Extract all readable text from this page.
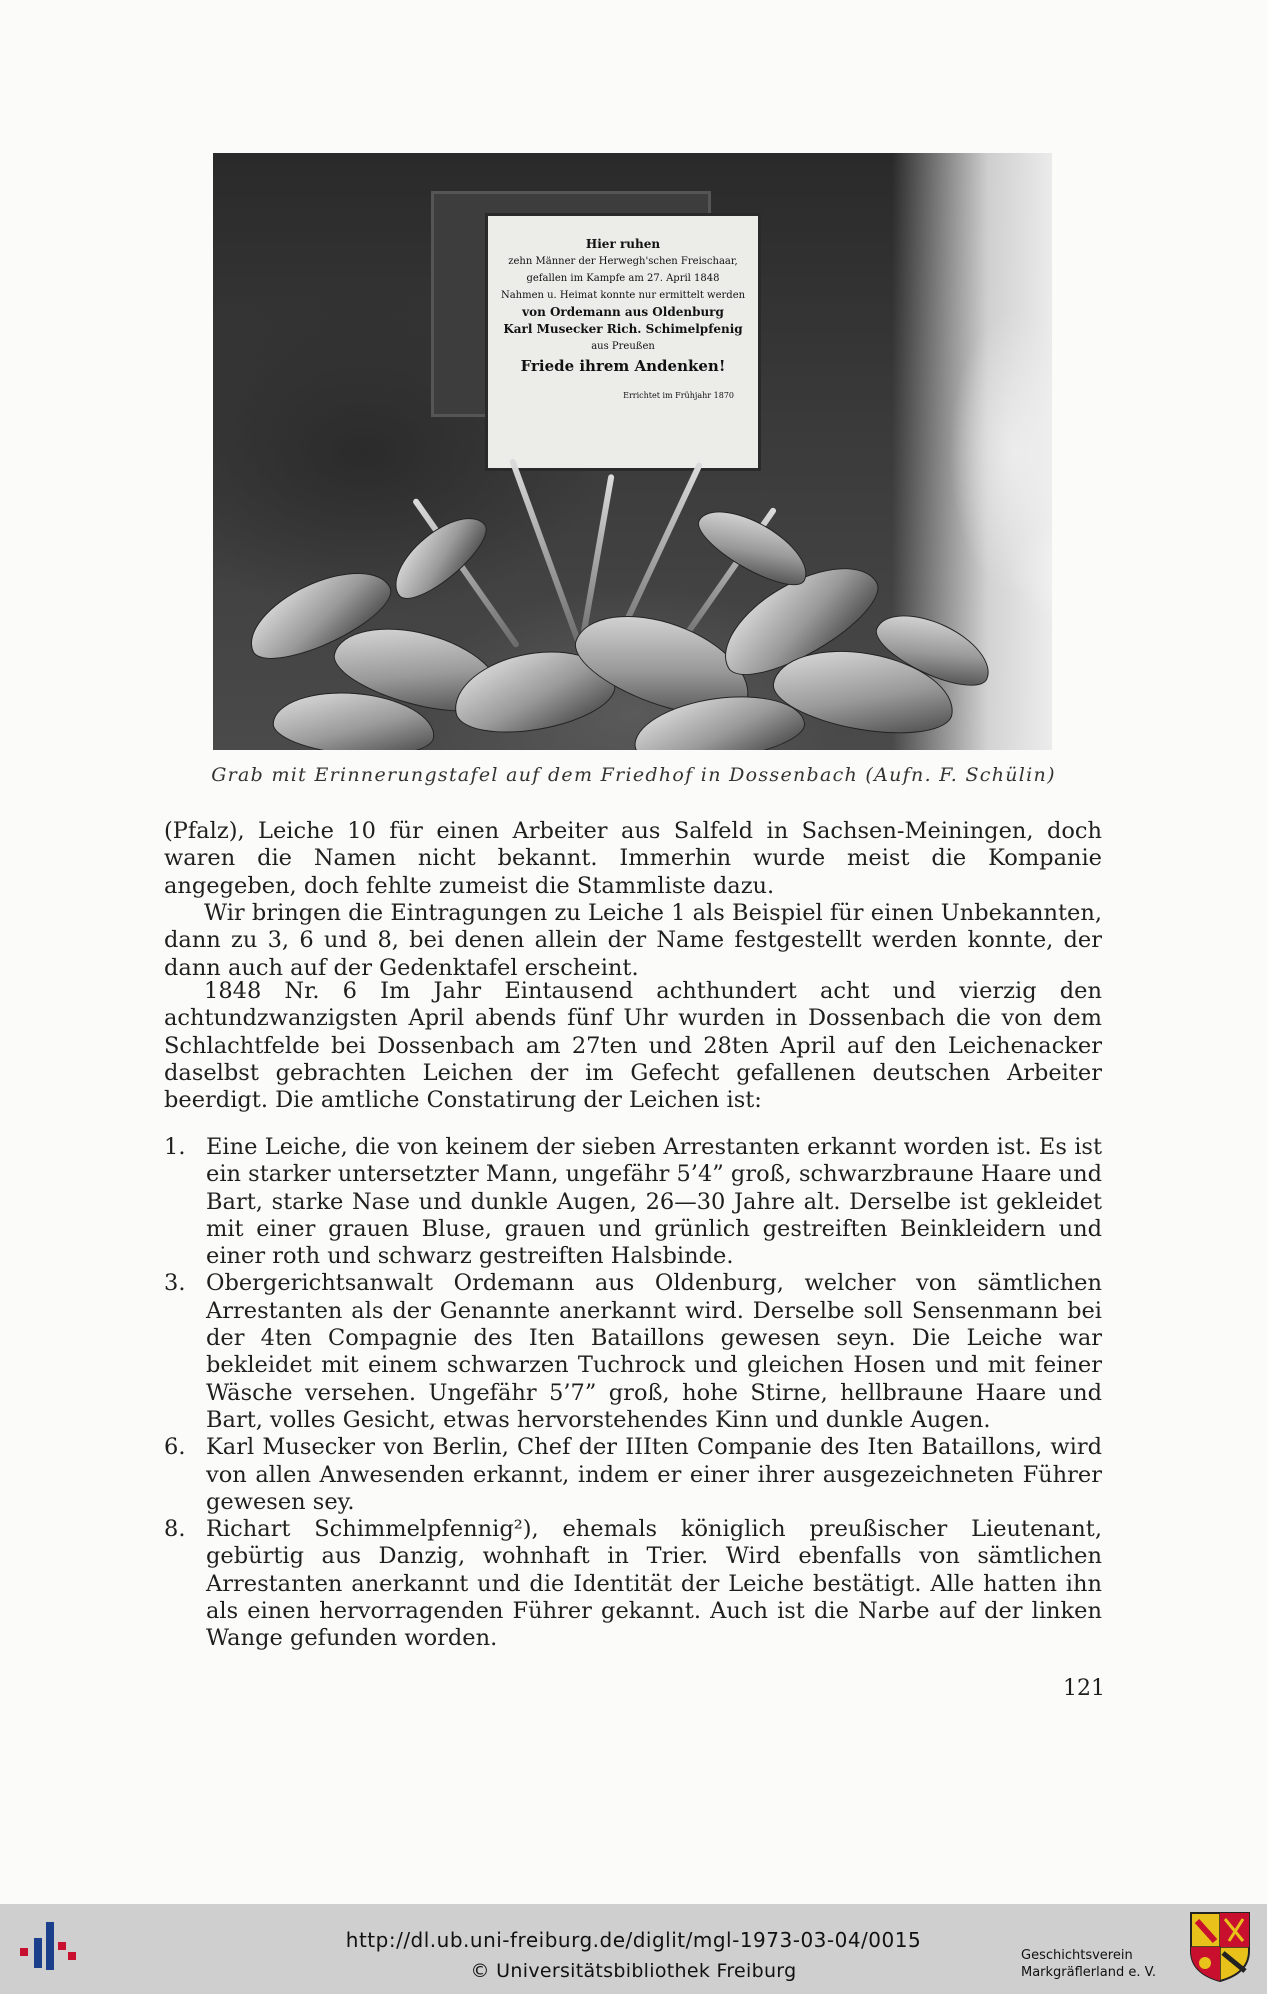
Hier ruhen
zehn Männer der Herwegh'schen Freischaar,
gefallen im Kampfe am 27. April 1848
Nahmen u. Heimat konnte nur ermittelt werden
von Ordemann aus Oldenburg
Karl Musecker Rich. Schimelpfenig
aus Preußen
Friede ihrem Andenken!
Errichtet im Frühjahr 1870
Grab mit Erinnerungstafel auf dem Friedhof in Dossenbach (Aufn. F. Schülin)

(Pfalz), Leiche 10 für einen Arbeiter aus Salfeld in Sachsen-Meiningen, doch waren die Namen nicht bekannt. Immerhin wurde meist die Kompanie angegeben, doch fehlte zumeist die Stammliste dazu.

Wir bringen die Eintragungen zu Leiche 1 als Beispiel für einen Unbekannten, dann zu 3, 6 und 8, bei denen allein der Name festgestellt werden konnte, der dann auch auf der Gedenktafel erscheint.

1848 Nr. 6 Im Jahr Eintausend achthundert acht und vierzig den achtundzwanzigsten April abends fünf Uhr wurden in Dossenbach die von dem Schlachtfelde bei Dossenbach am 27ten und 28ten April auf den Leichenacker daselbst gebrachten Leichen der im Gefecht gefallenen deutschen Arbeiter beerdigt. Die amtliche Constatirung der Leichen ist:

1. Eine Leiche, die von keinem der sieben Arrestanten erkannt worden ist. Es ist ein starker untersetzter Mann, ungefähr 5’4” groß, schwarzbraune Haare und Bart, starke Nase und dunkle Augen, 26—30 Jahre alt. Derselbe ist gekleidet mit einer grauen Bluse, grauen und grünlich gestreiften Beinkleidern und einer roth und schwarz gestreiften Halsbinde.
3. Obergerichtsanwalt Ordemann aus Oldenburg, welcher von sämtlichen Arrestanten als der Genannte anerkannt wird. Derselbe soll Sensenmann bei der 4ten Compagnie des Iten Bataillons gewesen seyn. Die Leiche war bekleidet mit einem schwarzen Tuchrock und gleichen Hosen und mit feiner Wäsche versehen. Ungefähr 5’7” groß, hohe Stirne, hellbraune Haare und Bart, volles Gesicht, etwas hervorstehendes Kinn und dunkle Augen.
6. Karl Musecker von Berlin, Chef der IIIten Companie des Iten Bataillons, wird von allen Anwesenden erkannt, indem er einer ihrer ausgezeichneten Führer gewesen sey.
8. Richart Schimmelpfennig²), ehemals königlich preußischer Lieutenant, gebürtig aus Danzig, wohnhaft in Trier. Wird ebenfalls von sämtlichen Arrestanten anerkannt und die Identität der Leiche bestätigt. Alle hatten ihn als einen hervorragenden Führer gekannt. Auch ist die Narbe auf der linken Wange gefunden worden.
121
http://dl.ub.uni-freiburg.de/diglit/mgl-1973-03-04/0015
© Universitätsbibliothek Freiburg
Geschichtsverein
Markgräflerland e. V.
